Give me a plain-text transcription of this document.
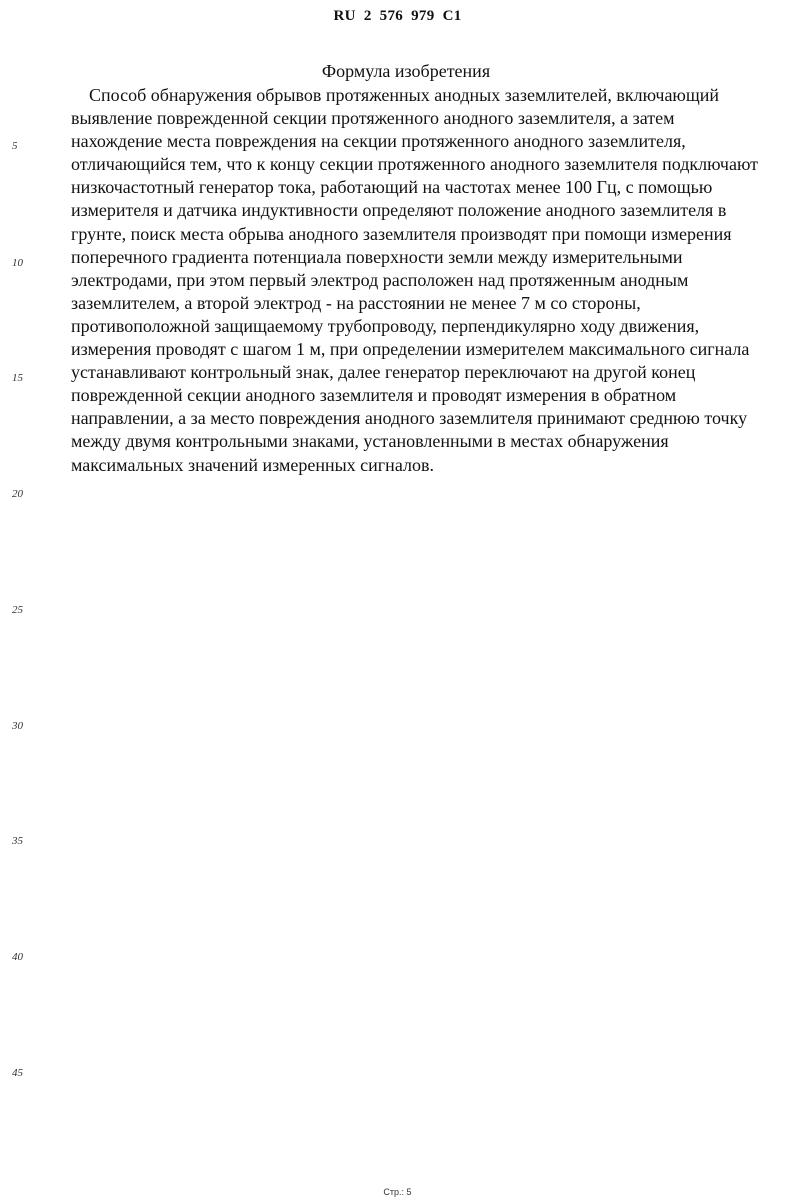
RU 2 576 979 C1
Формула изобретения
Способ обнаружения обрывов протяженных анодных заземлителей, включающий
выявление поврежденной секции протяженного анодного заземлителя, а затем
нахождение места повреждения на секции протяженного анодного заземлителя,
отличающийся тем, что к концу секции протяженного анодного заземлителя подключают
низкочастотный генератор тока, работающий на частотах менее 100 Гц, с помощью
измерителя и датчика индуктивности определяют положение анодного заземлителя в
грунте, поиск места обрыва анодного заземлителя производят при помощи измерения
поперечного градиента потенциала поверхности земли между измерительными
электродами, при этом первый электрод расположен над протяженным анодным
заземлителем, а второй электрод - на расстоянии не менее 7 м со стороны,
противоположной защищаемому трубопроводу, перпендикулярно ходу движения,
измерения проводят с шагом 1 м, при определении измерителем максимального сигнала
устанавливают контрольный знак, далее генератор переключают на другой конец
поврежденной секции анодного заземлителя и проводят измерения в обратном
направлении, а за место повреждения анодного заземлителя принимают среднюю точку
между двумя контрольными знаками, установленными в местах обнаружения
максимальных значений измеренных сигналов.
5
10
15
20
25
30
35
40
45
Стр.: 5
